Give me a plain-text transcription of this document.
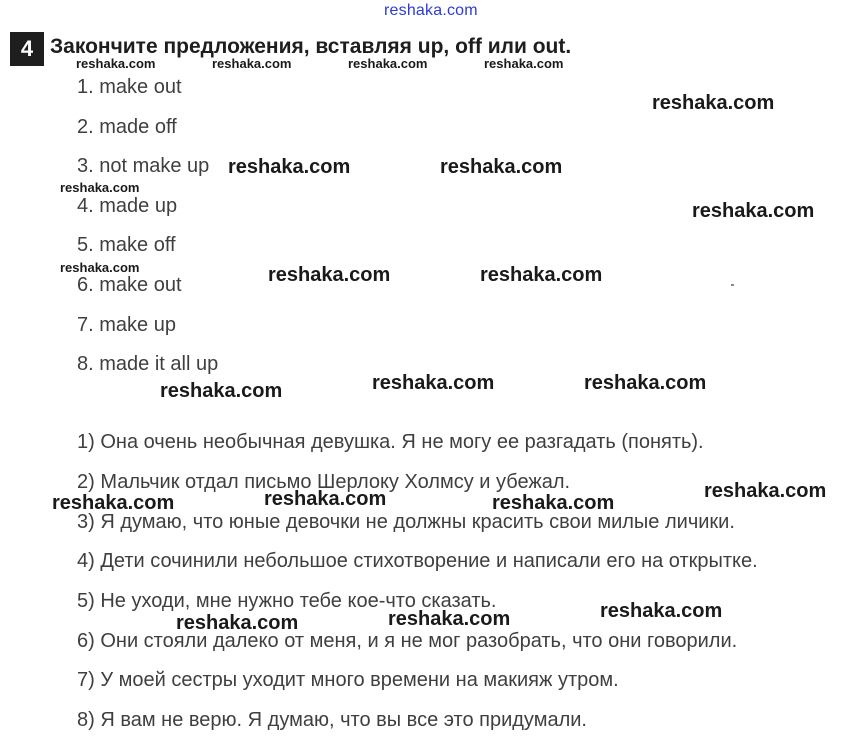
reshaka.com
4 Закончите предложения, вставляя up, off или out.
1. make out
2. made off
3. not make up
4. made up
5. make off
6. make out
7. make up
8. made it all up
1) Она очень необычная девушка. Я не могу ее разгадать (понять).
2) Мальчик отдал письмо Шерлоку Холмсу и убежал.
3) Я думаю, что юные девочки не должны красить свои милые личики.
4) Дети сочинили небольшое стихотворение и написали его на открытке.
5) Не уходи, мне нужно тебе кое-что сказать.
6) Они стояли далеко от меня, и я не мог разобрать, что они говорили.
7) У моей сестры уходит много времени на макияж утром.
8) Я вам не верю. Я думаю, что вы все это придумали.
reshaka.com	reshaka.com	reshaka.com	reshaka.com
reshaka.com
reshaka.com
reshaka.com
reshaka.com	reshaka.com
reshaka.com
reshaka.com	reshaka.com
reshaka.com	reshaka.com
reshaka.com
reshaka.com
reshaka.com
reshaka.com	reshaka.com
reshaka.com
reshaka.com	reshaka.com
